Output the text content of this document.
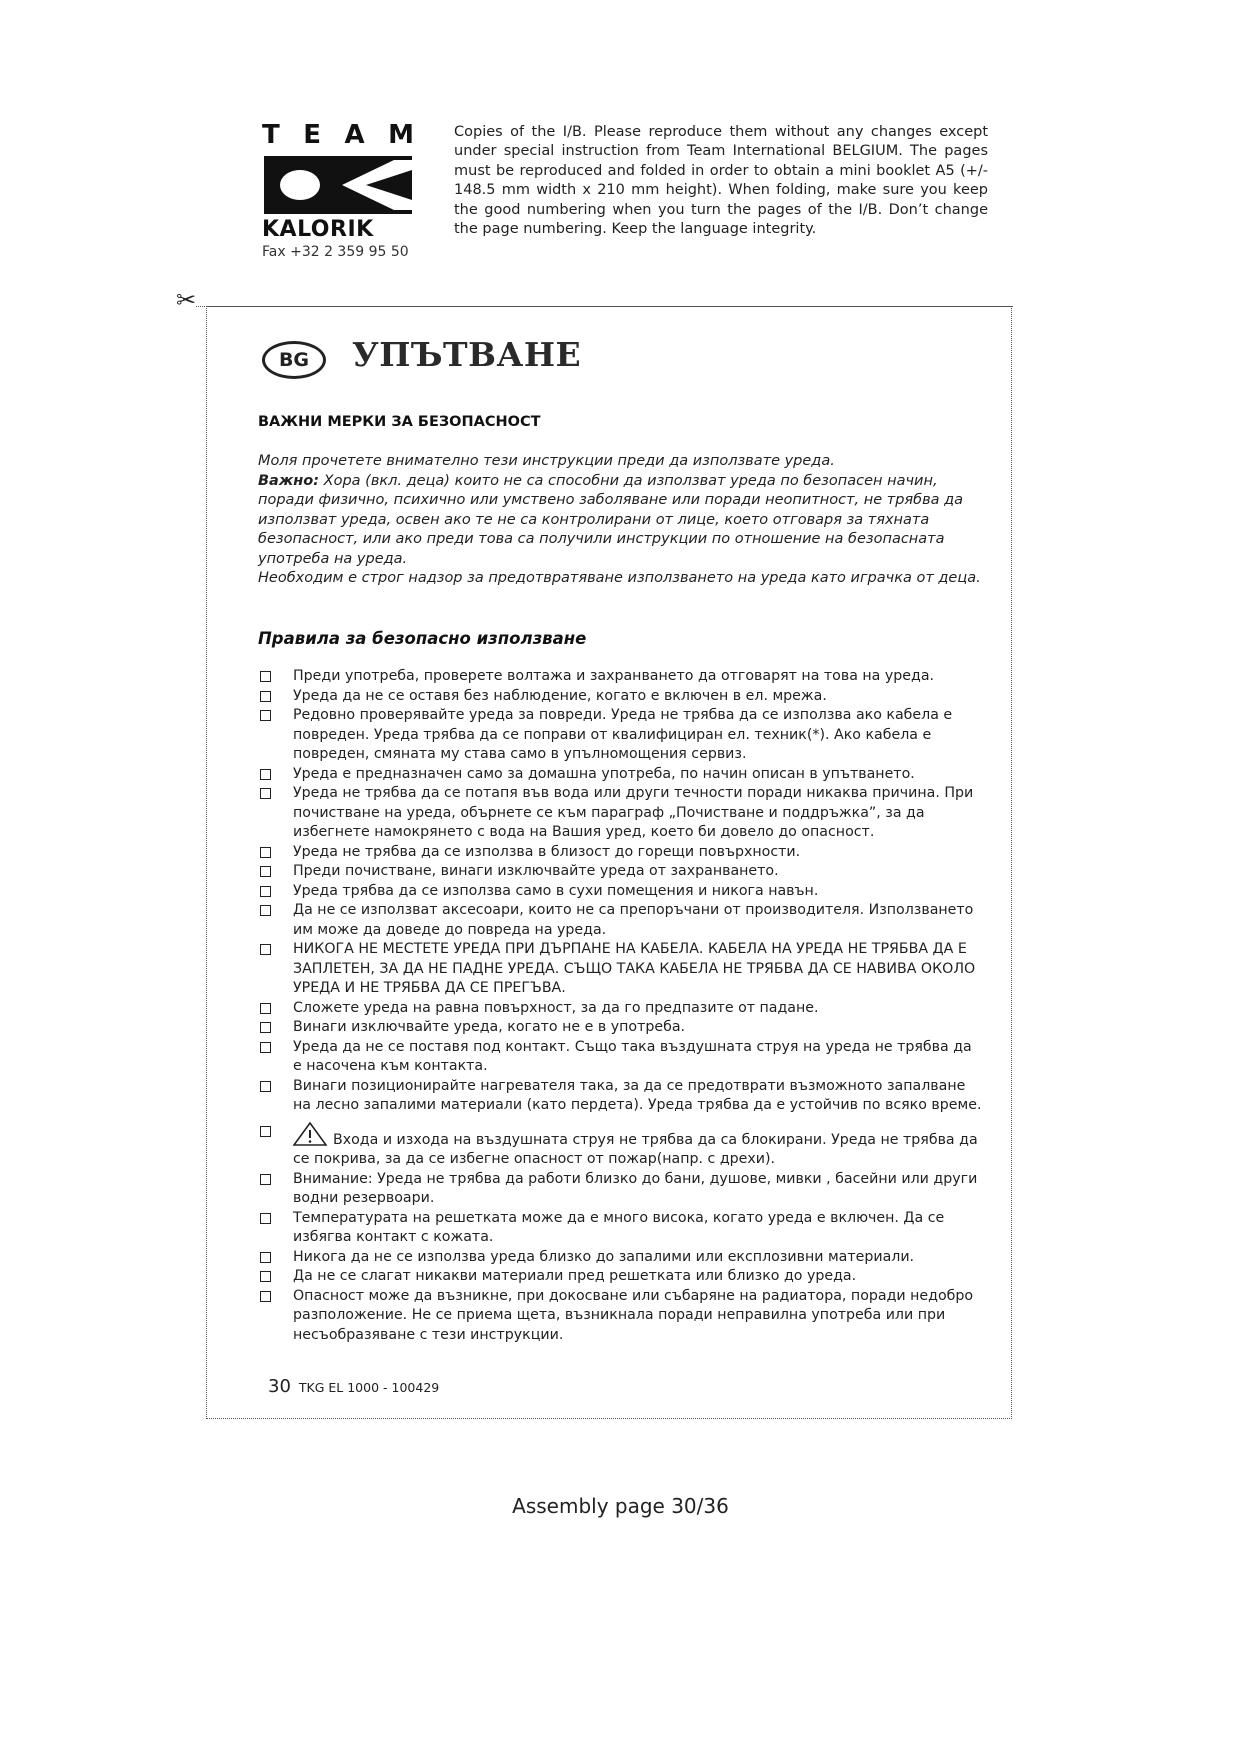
T E A M
KALORIK
Fax +32 2 359 95 50
Copies of the I/B. Please reproduce them without any changes except under special instruction from Team International BELGIUM. The pages must be reproduced and folded in order to obtain a mini booklet A5 (+/- 148.5 mm width x 210 mm height). When folding, make sure you keep the good numbering when you turn the pages of the I/B. Don’t change the page numbering. Keep the language integrity.
✂
BG	УПЪТВАНЕ
ВАЖНИ МЕРКИ ЗА БЕЗОПАСНОСТ

Моля прочетете внимателно тези инструкции преди да използвате уреда.

Важно: Хора (вкл. деца) които не са способни да използват уреда по безопасен начин, поради физично, психично или умствено заболяване или поради неопитност, не трябва да използват уреда, освен ако те не са контролирани от лице, което отговаря за тяхната безопасност, или ако преди това са получили инструкции по отношение на безопасната употреба на уреда.

Необходим е строг надзор за предотвратяване използването на уреда като играчка от деца.

Правила за безопасно използване
Преди употреба, проверете волтажа и захранването да отговарят на това на уреда.
Уреда да не се оставя без наблюдение, когато е включен в ел. мрежа.
Редовно проверявайте уреда за повреди. Уреда не трябва да се използва ако кабела е повреден. Уреда трябва да се поправи от квалифициран ел. техник(*). Ако кабела е повреден, смяната му става само в упълномощения сервиз.
Уреда е предназначен само за домашна употреба, по начин описан в упътването.
Уреда не трябва да се потапя във вода или други течности поради никаква причина. При почистване на уреда, обърнете се към параграф „Почистване и поддръжка”, за да избегнете намокрянето с вода на Вашия уред, което би довело до опасност.
Уреда не трябва да се използва в близост до горещи повърхности.
Преди почистване, винаги изключвайте уреда от захранването.
Уреда трябва да се използва само в сухи помещения и никога навън.
Да не се използват аксесоари, които не са препоръчани от производителя. Използването им може да доведе до повреда на уреда.
НИКОГА НЕ МЕСТЕТЕ УРЕДА ПРИ ДЪРПАНЕ НА КАБЕЛА. КАБЕЛА НА УРЕДА НЕ ТРЯБВА ДА Е ЗАПЛЕТЕН, ЗА ДА НЕ ПАДНЕ УРЕДА. СЪЩО ТАКА КАБЕЛА НЕ ТРЯБВА ДА СЕ НАВИВА ОКОЛО УРЕДА И НЕ ТРЯБВА ДА СЕ ПРЕГЪВА.
Сложете уреда на равна повърхност, за да го предпазите от падане.
Винаги изключвайте уреда, когато не е в употреба.
Уреда да не се поставя под контакт. Също така въздушната струя на уреда не трябва да е насочена към контакта.
Винаги позиционирайте нагревателя така, за да се предотврати възможното запалване на лесно запалими материали (като пердета). Уреда трябва да е устойчив по всяко време.
Входа и изхода на въздушната струя не трябва да са блокирани. Уреда не трябва да се покрива, за да се избегне опасност от пожар(напр. с дрехи).
Внимание: Уреда не трябва да работи близко до бани, душове, мивки , басейни или други водни резервоари.
Температурата на решетката може да е много висока, когато уреда е включен. Да се избягва контакт с кожата.
Никога да не се използва уреда близко до запалими или експлозивни материали.
Да не се слагат никакви материали пред решетката или близко до уреда.
Опасност може да възникне, при докосване или събаряне на радиатора, поради недобро разположение. Не се приема щета, възникнала поради неправилна употреба или при несъобразяване с тези инструкции.
30 TKG EL 1000 - 100429
Assembly page 30/36
